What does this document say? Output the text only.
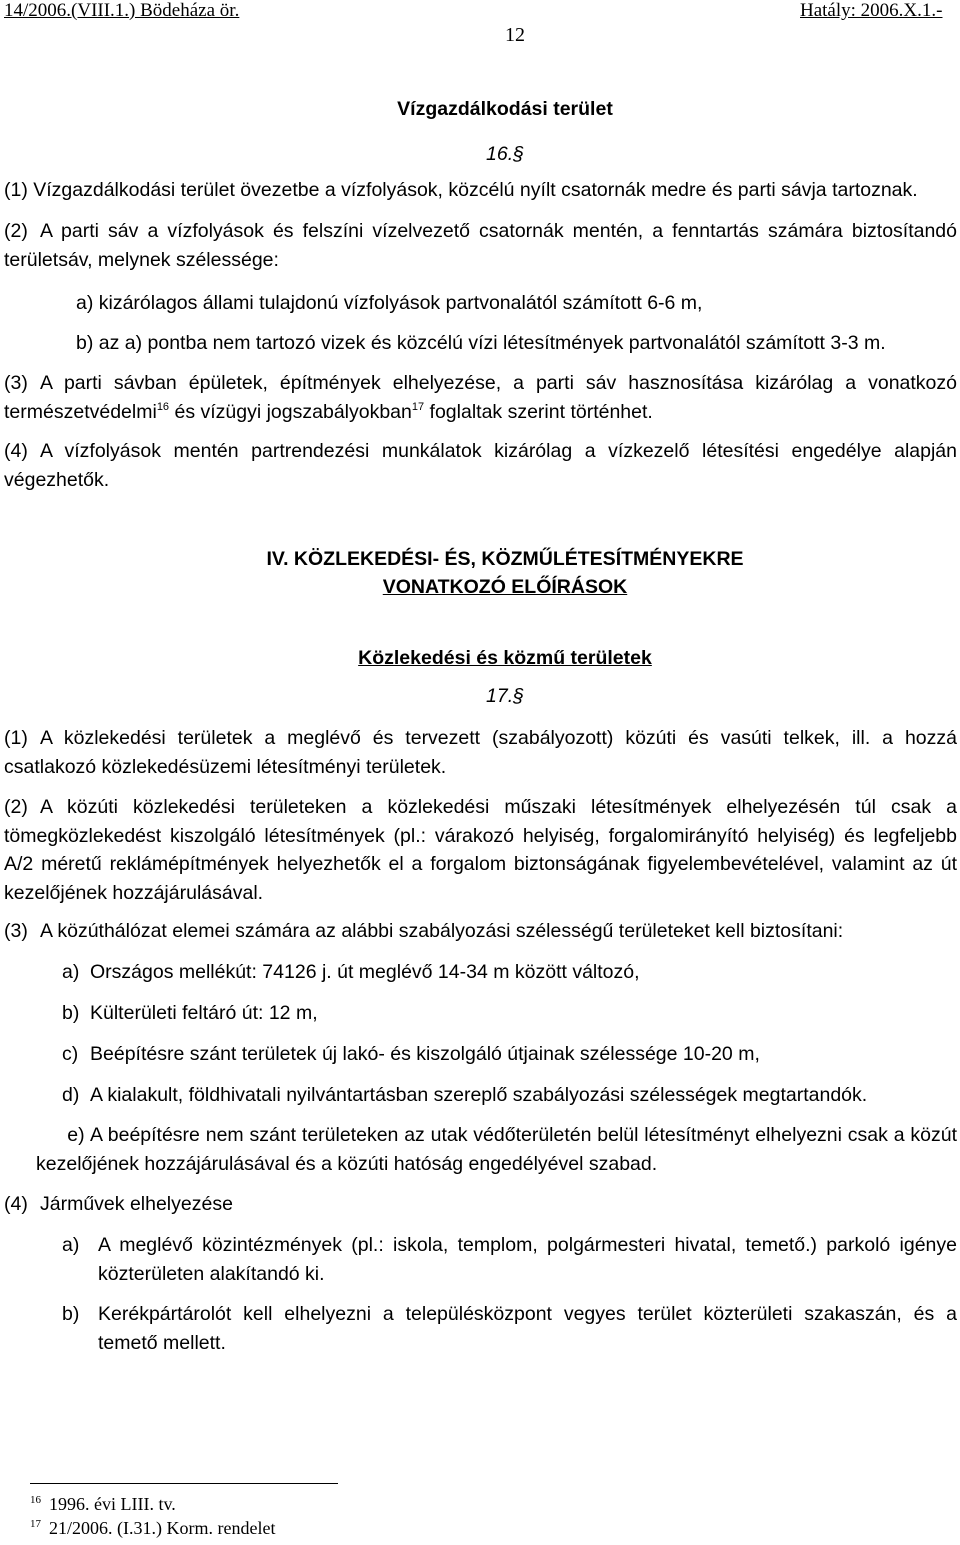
14/2006.(VIII.1.) Bödeháza ör.	Hatály: 2006.X.1.-
12
Vízgazdálkodási terület
16.§
(1) Vízgazdálkodási terület övezetbe a vízfolyások, közcélú nyílt csatornák medre és parti sávja tartoznak.
(2) A parti sáv a vízfolyások és felszíni vízelvezető csatornák mentén, a fenntartás számára biztosítandó területsáv, melynek szélessége:
a) kizárólagos állami tulajdonú vízfolyások partvonalától számított 6-6 m,
b) az a) pontba nem tartozó vizek és közcélú vízi létesítmények partvonalától számított 3-3 m.
(3) A parti sávban épületek, építmények elhelyezése, a parti sáv hasznosítása kizárólag a vonatkozó természetvédelmi$^{16}$ és vízügyi jogszabályokban$^{17}$ foglaltak szerint történhet.
(4) A vízfolyások mentén partrendezési munkálatok kizárólag a vízkezelő létesítési engedélye alapján végezhetők.
IV. KÖZLEKEDÉSI- ÉS, KÖZMŰLÉTESÍTMÉNYEKRE
VONATKOZÓ ELŐÍRÁSOK
Közlekedési és közmű területek
17.§
(1) A közlekedési területek a meglévő és tervezett (szabályozott) közúti és vasúti telkek, ill. a hozzá csatlakozó közlekedésüzemi létesítményi területek.
(2) A közúti közlekedési területeken a közlekedési műszaki létesítmények elhelyezésén túl csak a tömegközlekedést kiszolgáló létesítmények (pl.: várakozó helyiség, forgalomirányító helyiség) és legfeljebb A/2 méretű reklámépítmények helyezhetők el a forgalom biztonságának figyelembevételével, valamint az út kezelőjének hozzájárulásával.
(3) A közúthálózat elemei számára az alábbi szabályozási szélességű területeket kell biztosítani:
a) Országos mellékút: 74126 j. út meglévő 14-34 m között változó,
b) Külterületi feltáró út: 12 m,
c) Beépítésre szánt területek új lakó- és kiszolgáló útjainak szélessége 10-20 m,
d) A kialakult, földhivatali nyilvántartásban szereplő szabályozási szélességek megtartandók.
e) A beépítésre nem szánt területeken az utak védőterületén belül létesítményt elhelyezni csak a közút kezelőjének hozzájárulásával és a közúti hatóság engedélyével szabad.
(4) Járművek elhelyezése
a) A meglévő közintézmények (pl.: iskola, templom, polgármesteri hivatal, temető.) parkoló igénye közterületen alakítandó ki.
b) Kerékpártárolót kell elhelyezni a településközpont vegyes terület közterületi szakaszán, és a temető mellett.
$^{16}$ 1996. évi LIII. tv.
$^{17}$ 21/2006. (I.31.) Korm. rendelet
